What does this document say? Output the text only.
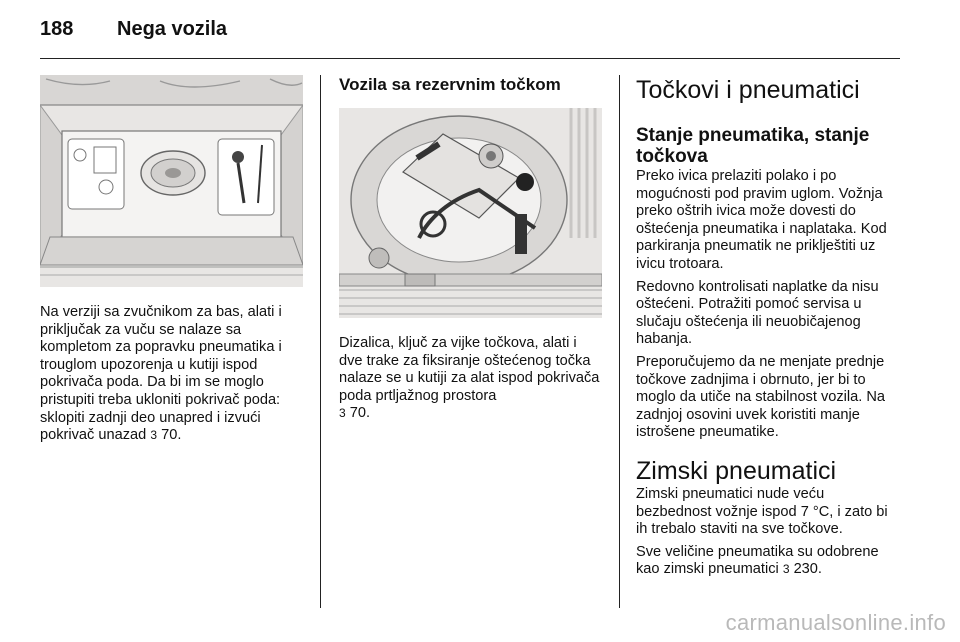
188 Nega vozila

Na verziji sa zvučnikom za bas, alati i priključak za vuču se nalaze sa kompletom za popravku pneumatika i trouglom upozorenja u kutiji ispod pokrivača poda. Da bi im se moglo pristupiti treba ukloniti pokrivač poda: sklopiti zadnji deo unapred i izvući pokrivač unazad 3 70.

Vozila sa rezervnim točkom

Dizalica, ključ za vijke točkova, alati i dve trake za fiksiranje oštećenog točka nalaze se u kutiji za alat ispod pokrivača poda prtljažnog prostora
3 70.

Točkovi i pneumatici
Stanje pneumatika, stanje točkova

Preko ivica prelaziti polako i po mogućnosti pod pravim uglom. Vožnja preko oštrih ivica može dovesti do oštećenja pneumatika i naplataka. Kod parkiranja pneumatik ne priklještiti uz ivicu trotoara.

Redovno kontrolisati naplatke da nisu oštećeni. Potražiti pomoć servisa u slučaju oštećenja ili neuobičajenog habanja.

Preporučujemo da ne menjate prednje točkove zadnjima i obrnuto, jer bi to moglo da utiče na stabilnost vozila. Na zadnjoj osovini uvek koristiti manje istrošene pneumatike.

Zimski pneumatici

Zimski pneumatici nude veću bezbednost vožnje ispod 7 °C, i zato bi ih trebalo staviti na sve točkove.

Sve veličine pneumatika su odobrene kao zimski pneumatici 3 230.

carmanualsonline.info
